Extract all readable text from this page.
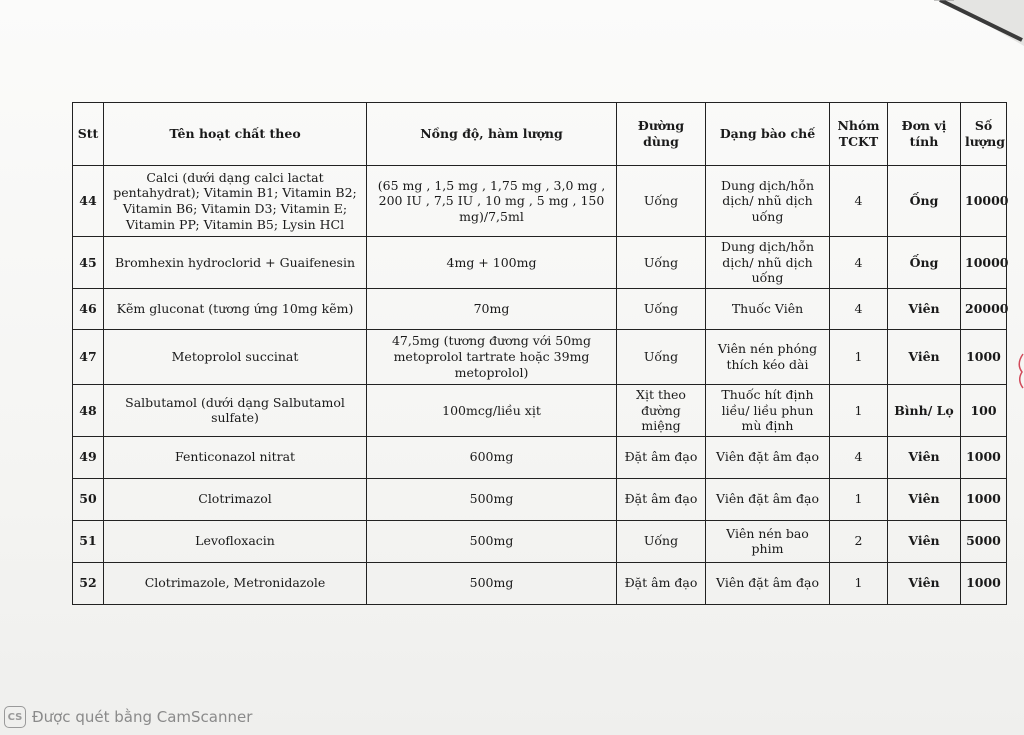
Stt	Tên hoạt chất theo	Nồng độ, hàm lượng	Đường dùng	Dạng bào chế	Nhóm TCKT	Đơn vị tính	Số lượng
44	Calci (dưới dạng calci lactat pentahydrat); Vitamin B1; Vitamin B2; Vitamin B6; Vitamin D3; Vitamin E; Vitamin PP; Vitamin B5; Lysin HCl	(65 mg , 1,5 mg , 1,75 mg , 3,0 mg , 200 IU , 7,5 IU , 10 mg , 5 mg , 150 mg)/7,5ml	Uống	Dung dịch/hỗn dịch/ nhũ dịch uống	4	Ống	10000
45	Bromhexin hydroclorid + Guaifenesin	4mg + 100mg	Uống	Dung dịch/hỗn dịch/ nhũ dịch uống	4	Ống	10000
46	Kẽm gluconat (tương ứng 10mg kẽm)	70mg	Uống	Thuốc Viên	4	Viên	20000
47	Metoprolol succinat	47,5mg (tương đương với 50mg metoprolol tartrate hoặc 39mg metoprolol)	Uống	Viên nén phóng thích kéo dài	1	Viên	1000
48	Salbutamol (dưới dạng Salbutamol sulfate)	100mcg/liều xịt	Xịt theo đường miệng	Thuốc hít định liều/ liều phun mù định	1	Bình/ Lọ	100
49	Fenticonazol nitrat	600mg	Đặt âm đạo	Viên đặt âm đạo	4	Viên	1000
50	Clotrimazol	500mg	Đặt âm đạo	Viên đặt âm đạo	1	Viên	1000
51	Levofloxacin	500mg	Uống	Viên nén bao phim	2	Viên	5000
52	Clotrimazole, Metronidazole	500mg	Đặt âm đạo	Viên đặt âm đạo	1	Viên	1000
CS Được quét bằng CamScanner
